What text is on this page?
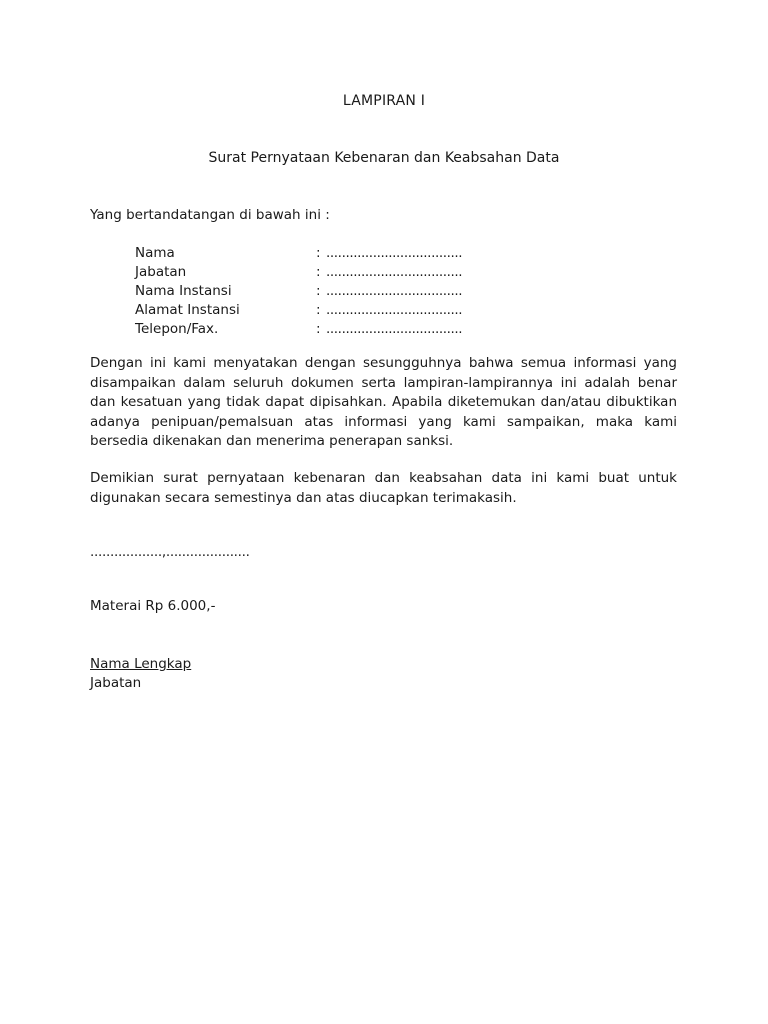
LAMPIRAN I
Surat Pernyataan Kebenaran dan Keabsahan Data
Yang bertandatangan di bawah ini :
Nama	: ...................................
Jabatan	: ...................................
Nama Instansi	: ...................................
Alamat Instansi	: ...................................
Telepon/Fax.	: ...................................
Dengan ini kami menyatakan dengan sesungguhnya bahwa semua informasi yang disampaikan dalam seluruh dokumen serta lampiran-lampirannya ini adalah benar dan kesatuan yang tidak dapat dipisahkan. Apabila diketemukan dan/atau dibuktikan adanya penipuan/pemalsuan atas informasi yang kami sampaikan, maka kami bersedia dikenakan dan menerima penerapan sanksi.
Demikian surat pernyataan kebenaran dan keabsahan data ini kami buat untuk digunakan secara semestinya dan atas diucapkan terimakasih.
..................,.....................
Materai Rp 6.000,-
Nama Lengkap
Jabatan
